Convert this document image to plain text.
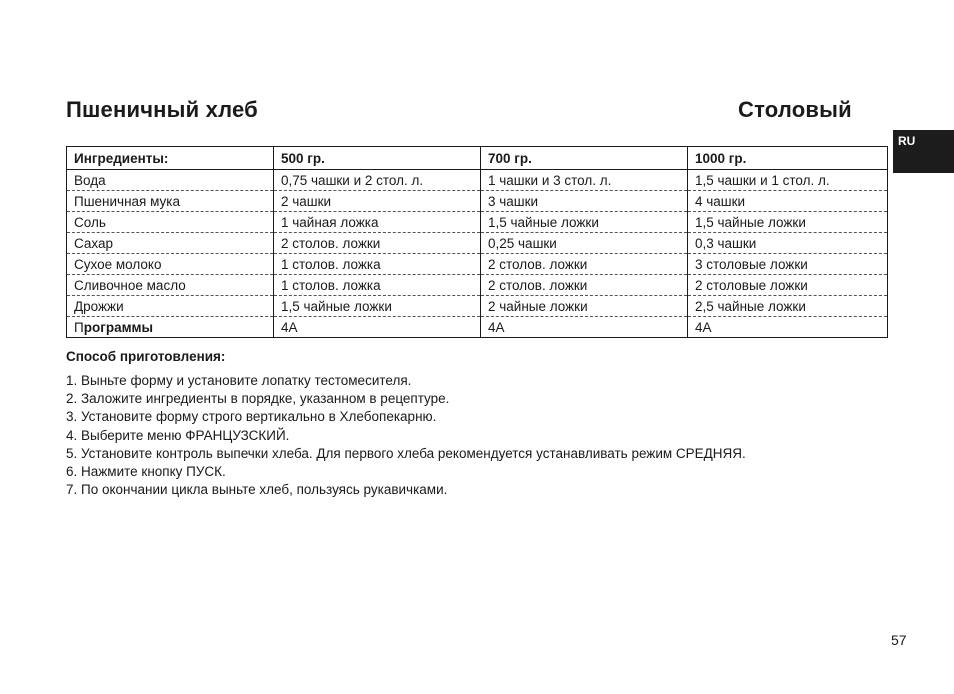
Пшеничный хлеб	Столовый
RU
Ингредиенты:	500 гр.	700 гр.	1000 гр.
Вода	0,75 чашки и 2 стол. л.	1 чашки и 3 стол. л.	1,5 чашки и 1 стол. л.
Пшеничная мука	2 чашки	3 чашки	4 чашки
Соль	1 чайная ложка	1,5 чайные ложки	1,5 чайные ложки
Сахар	2 столов. ложки	0,25 чашки	0,3 чашки
Сухое молоко	1 столов. ложка	2 столов. ложки	3 столовые ложки
Сливочное масло	1 столов. ложка	2 столов. ложки	2 столовые ложки
Дрожжи	1,5 чайные ложки	2 чайные ложки	2,5 чайные ложки
Программы	4A	4A	4A
Способ приготовления:
1. Выньте форму и установите лопатку тестомесителя.
2. Заложите ингредиенты в порядке, указанном в рецептуре.
3. Установите форму строго вертикально в Хлебопекарню.
4. Выберите меню ФРАНЦУЗСКИЙ.
5. Установите контроль выпечки хлеба. Для первого хлеба рекомендуется устанавливать режим СРЕДНЯЯ.
6. Нажмите кнопку ПУСК.
7. По окончании цикла выньте хлеб, пользуясь рукавичками.
57
